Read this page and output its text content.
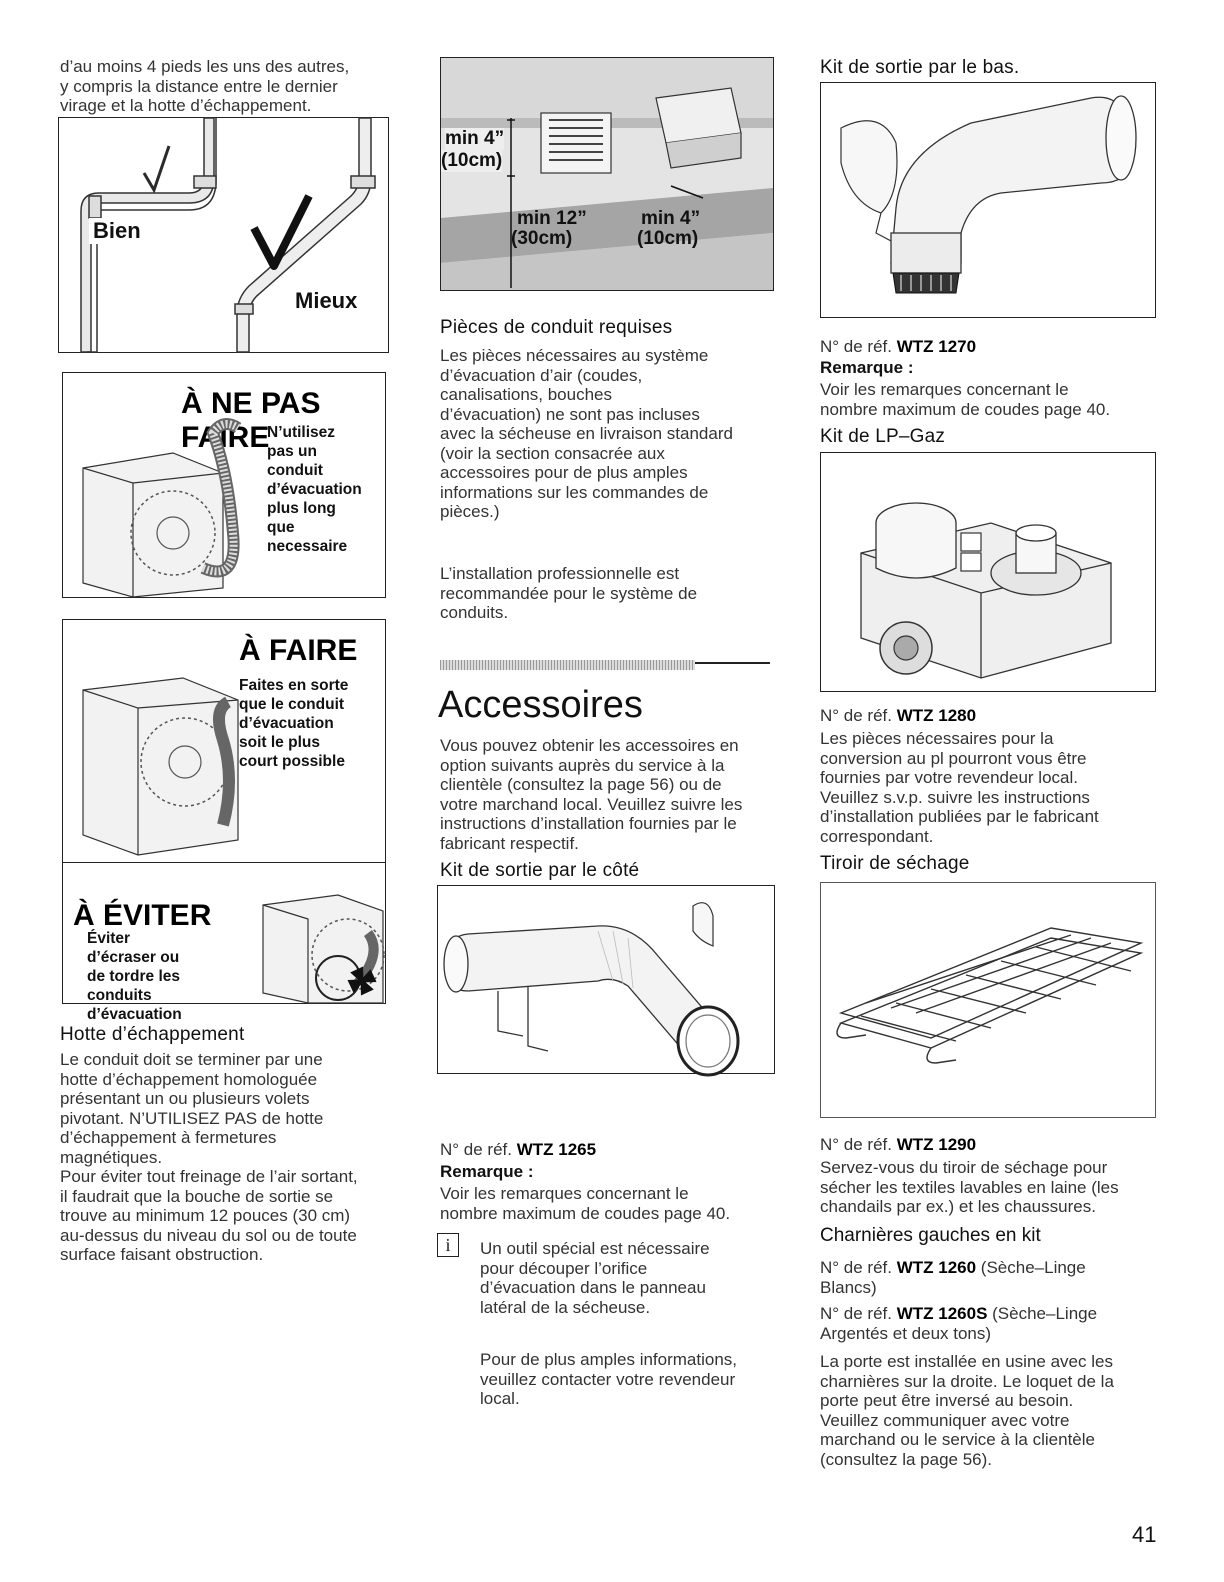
d’au moins 4 pieds les uns des autres,
y compris la distance entre le dernier
virage et la hotte d’échappement.

Bien
Mieux
À NE PAS FAIRE
N’utilisez
pas un
conduit
d’évacuation
plus long
que
necessaire
À FAIRE
Faites en sorte
que le conduit
d’évacuation
soit le plus
court possible
À ÉVITER
Éviter
d’écraser ou
de tordre les
conduits
d’évacuation
Hotte d’échappement

Le conduit doit se terminer par une
hotte d’échappement homologuée
présentant un ou plusieurs volets
pivotant. N’UTILISEZ PAS de hotte
d’échappement à fermetures
magnétiques.

Pour éviter tout freinage de l’air sortant,
il faudrait que la bouche de sortie se
trouve au minimum 12 pouces (30 cm)
au-dessus du niveau du sol ou de toute
surface faisant obstruction.

min 4”
(10cm)
min 12”
(30cm)
min 4”
(10cm)
Pièces de conduit requises

Les pièces nécessaires au système
d’évacuation d’air (coudes,
canalisations, bouches
d’évacuation) ne sont pas incluses
avec la sécheuse en livraison standard
(voir la section consacrée aux
accessoires pour de plus amples
informations sur les commandes de
pièces.)

L’installation professionnelle est
recommandée pour le système de
conduits.

Accessoires

Vous pouvez obtenir les accessoires en
option suivants auprès du service à la
clientèle (consultez la page 56) ou de
votre marchand local. Veuillez suivre les
instructions d’installation fournies par le
fabricant respectif.

Kit de sortie par le côté

N° de réf. WTZ 1265

Remarque :

Voir les remarques concernant le
nombre maximum de coudes page 40.

i	Un outil spécial est nécessaire
pour découper l’orifice
d’évacuation dans le panneau
latéral de la sécheuse.

Pour de plus amples informations,
veuillez contacter votre revendeur
local.

Kit de sortie par le bas.

N° de réf. WTZ 1270

Remarque :

Voir les remarques concernant le
nombre maximum de coudes page 40.

Kit de LP–Gaz

N° de réf. WTZ 1280

Les pièces nécessaires pour la
conversion au pl pourront vous être
fournies par votre revendeur local.
Veuillez s.v.p. suivre les instructions
d’installation publiées par le fabricant
correspondant.

Tiroir de séchage

N° de réf. WTZ 1290

Servez-vous du tiroir de séchage pour
sécher les textiles lavables en laine (les
chandails par ex.) et les chaussures.

Charnières gauches en kit

N° de réf. WTZ 1260 (Sèche–Linge
Blancs)

N° de réf. WTZ 1260S (Sèche–Linge
Argentés et deux tons)

La porte est installée en usine avec les
charnières sur la droite. Le loquet de la
porte peut être inversé au besoin.
Veuillez communiquer avec votre
marchand ou le service à la clientèle
(consultez la page 56).

41
